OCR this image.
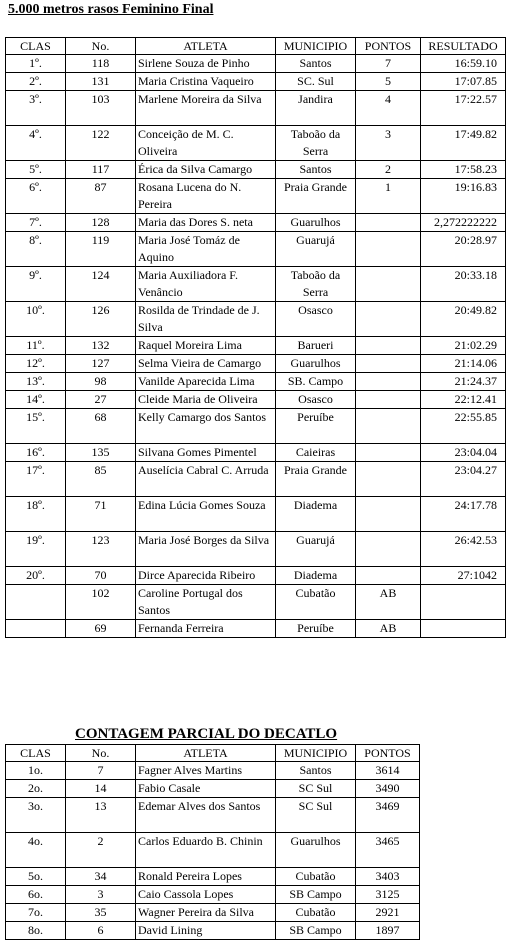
5.000 metros rasos Feminino Final
CLAS	No.	ATLETA	MUNICIPIO	PONTOS	RESULTADO
1º.	118	Sirlene Souza de Pinho	Santos	7	16:59.10
2º.	131	Maria Cristina Vaqueiro	SC. Sul	5	17:07.85
3º.	103	Marlene Moreira da Silva	Jandira	4	17:22.57
4º.	122	Conceição de M. C. Oliveira	Taboão da Serra	3	17:49.82
5º.	117	Érica da Silva Camargo	Santos	2	17:58.23
6º.	87	Rosana Lucena do N. Pereira	Praia Grande	1	19:16.83
7º.	128	Maria das Dores S. neta	Guarulhos		2,272222222
8º.	119	Maria José Tomáz de Aquino	Guarujá		20:28.97
9º.	124	Maria Auxiliadora F. Venâncio	Taboão da Serra		20:33.18
10º.	126	Rosilda de Trindade de J. Silva	Osasco		20:49.82
11º.	132	Raquel Moreira Lima	Barueri		21:02.29
12º.	127	Selma Vieira de Camargo	Guarulhos		21:14.06
13º.	98	Vanilde Aparecida Lima	SB. Campo		21:24.37
14º.	27	Cleide Maria de Oliveira	Osasco		22:12.41
15º.	68	Kelly Camargo dos Santos	Peruíbe		22:55.85
16º.	135	Silvana Gomes Pimentel	Caieiras		23:04.04
17º.	85	Auselícia Cabral C. Arruda	Praia Grande		23:04.27
18º.	71	Edina Lúcia Gomes Souza	Diadema		24:17.78
19º.	123	Maria José Borges da Silva	Guarujá		26:42.53
20º.	70	Dirce Aparecida Ribeiro	Diadema		27:1042
	102	Caroline Portugal dos Santos	Cubatão	AB	
	69	Fernanda Ferreira	Peruíbe	AB	
CONTAGEM PARCIAL DO DECATLO
CLAS	No.	ATLETA	MUNICIPIO	PONTOS
1o.	7	Fagner Alves Martins	Santos	3614
2o.	14	Fabio Casale	SC Sul	3490
3o.	13	Edemar Alves dos Santos	SC Sul	3469
4o.	2	Carlos Eduardo B. Chinin	Guarulhos	3465
5o.	34	Ronald Pereira Lopes	Cubatão	3403
6o.	3	Caio Cassola Lopes	SB Campo	3125
7o.	35	Wagner Pereira da Silva	Cubatão	2921
8o.	6	David Lining	SB Campo	1897
